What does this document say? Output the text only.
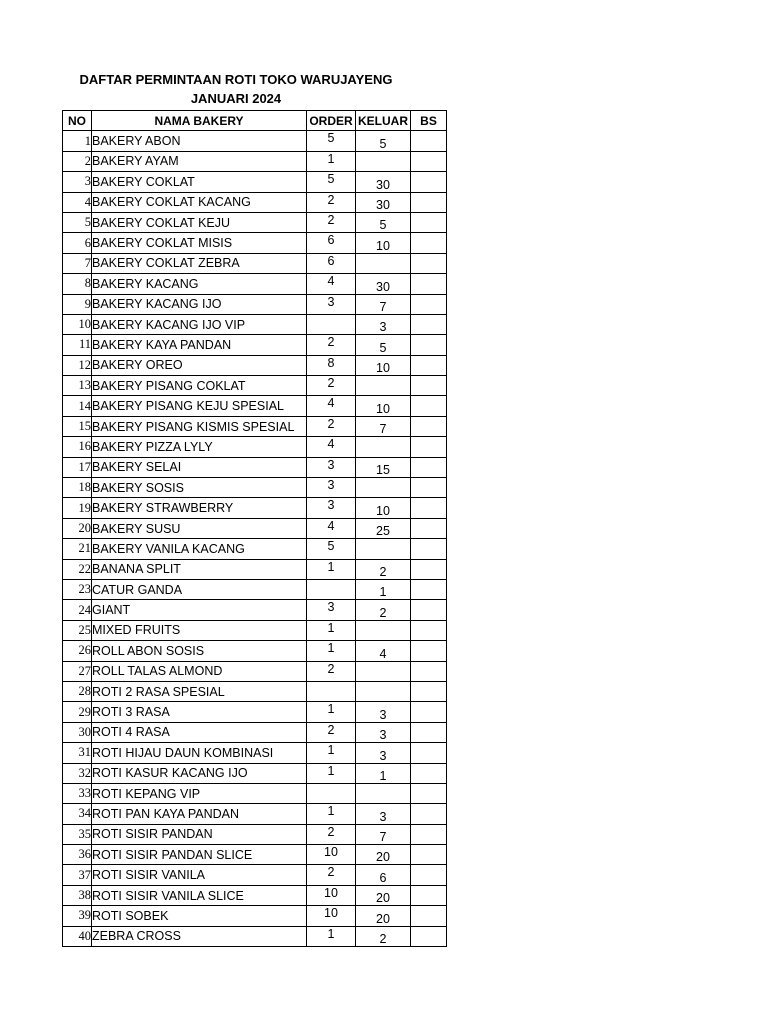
DAFTAR PERMINTAAN ROTI TOKO WARUJAYENG
JANUARI 2024
NO	NAMA BAKERY	ORDER	KELUAR	BS
1	BAKERY ABON	5	5	
2	BAKERY AYAM	1		
3	BAKERY COKLAT	5	30	
4	BAKERY COKLAT KACANG	2	30	
5	BAKERY COKLAT KEJU	2	5	
6	BAKERY COKLAT MISIS	6	10	
7	BAKERY COKLAT ZEBRA	6		
8	BAKERY KACANG	4	30	
9	BAKERY KACANG IJO	3	7	
10	BAKERY KACANG IJO VIP		3	
11	BAKERY KAYA PANDAN	2	5	
12	BAKERY OREO	8	10	
13	BAKERY PISANG COKLAT	2		
14	BAKERY PISANG KEJU SPESIAL	4	10	
15	BAKERY PISANG KISMIS SPESIAL	2	7	
16	BAKERY PIZZA LYLY	4		
17	BAKERY SELAI	3	15	
18	BAKERY SOSIS	3		
19	BAKERY STRAWBERRY	3	10	
20	BAKERY SUSU	4	25	
21	BAKERY VANILA KACANG	5		
22	BANANA SPLIT	1	2	
23	CATUR GANDA		1	
24	GIANT	3	2	
25	MIXED FRUITS	1		
26	ROLL ABON SOSIS	1	4	
27	ROLL TALAS ALMOND	2		
28	ROTI 2 RASA SPESIAL			
29	ROTI 3 RASA	1	3	
30	ROTI 4 RASA	2	3	
31	ROTI HIJAU DAUN KOMBINASI	1	3	
32	ROTI KASUR KACANG IJO	1	1	
33	ROTI KEPANG VIP			
34	ROTI PAN KAYA PANDAN	1	3	
35	ROTI SISIR PANDAN	2	7	
36	ROTI SISIR PANDAN SLICE	10	20	
37	ROTI SISIR VANILA	2	6	
38	ROTI SISIR VANILA SLICE	10	20	
39	ROTI SOBEK	10	20	
40	ZEBRA CROSS	1	2	
